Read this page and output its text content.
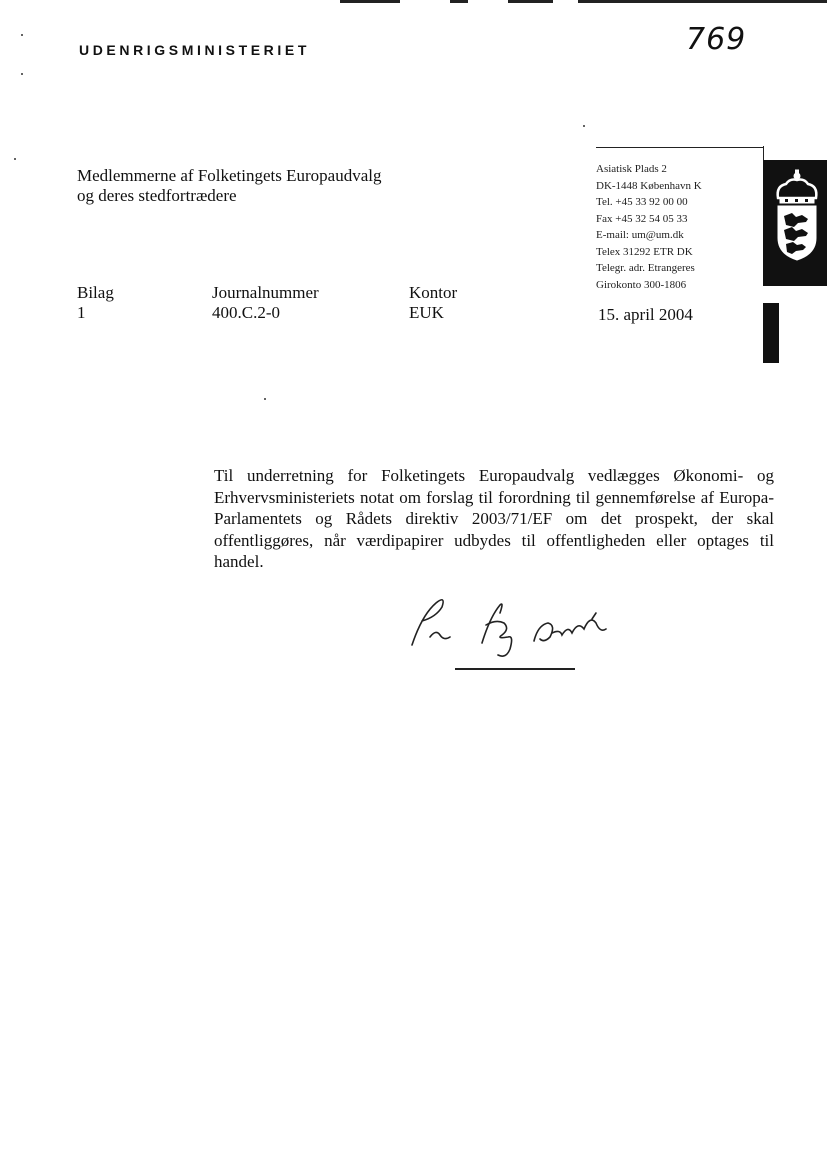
UDENRIGSMINISTERIET	769
Medlemmerne af Folketingets Europaudvalg
og deres stedfortrædere
Asiatisk Plads 2
DK-1448 København K
Tel. +45 33 92 00 00
Fax +45 32 54 05 33
E-mail: um@um.dk
Telex 31292 ETR DK
Telegr. adr. Etrangeres
Girokonto 300-1806
Bilag
1
Journalnummer
400.C.2-0
Kontor
EUK	15. april 2004
Til underretning for Folketingets Europaudvalg vedlægges Økonomi- og Erhvervsministeriets notat om forslag til forordning til gennemførelse af Europa-Parlamentets og Rådets direktiv 2003/71/EF om det prospekt, der skal offentliggøres, når værdipapirer udbydes til offentligheden eller optages til handel.
